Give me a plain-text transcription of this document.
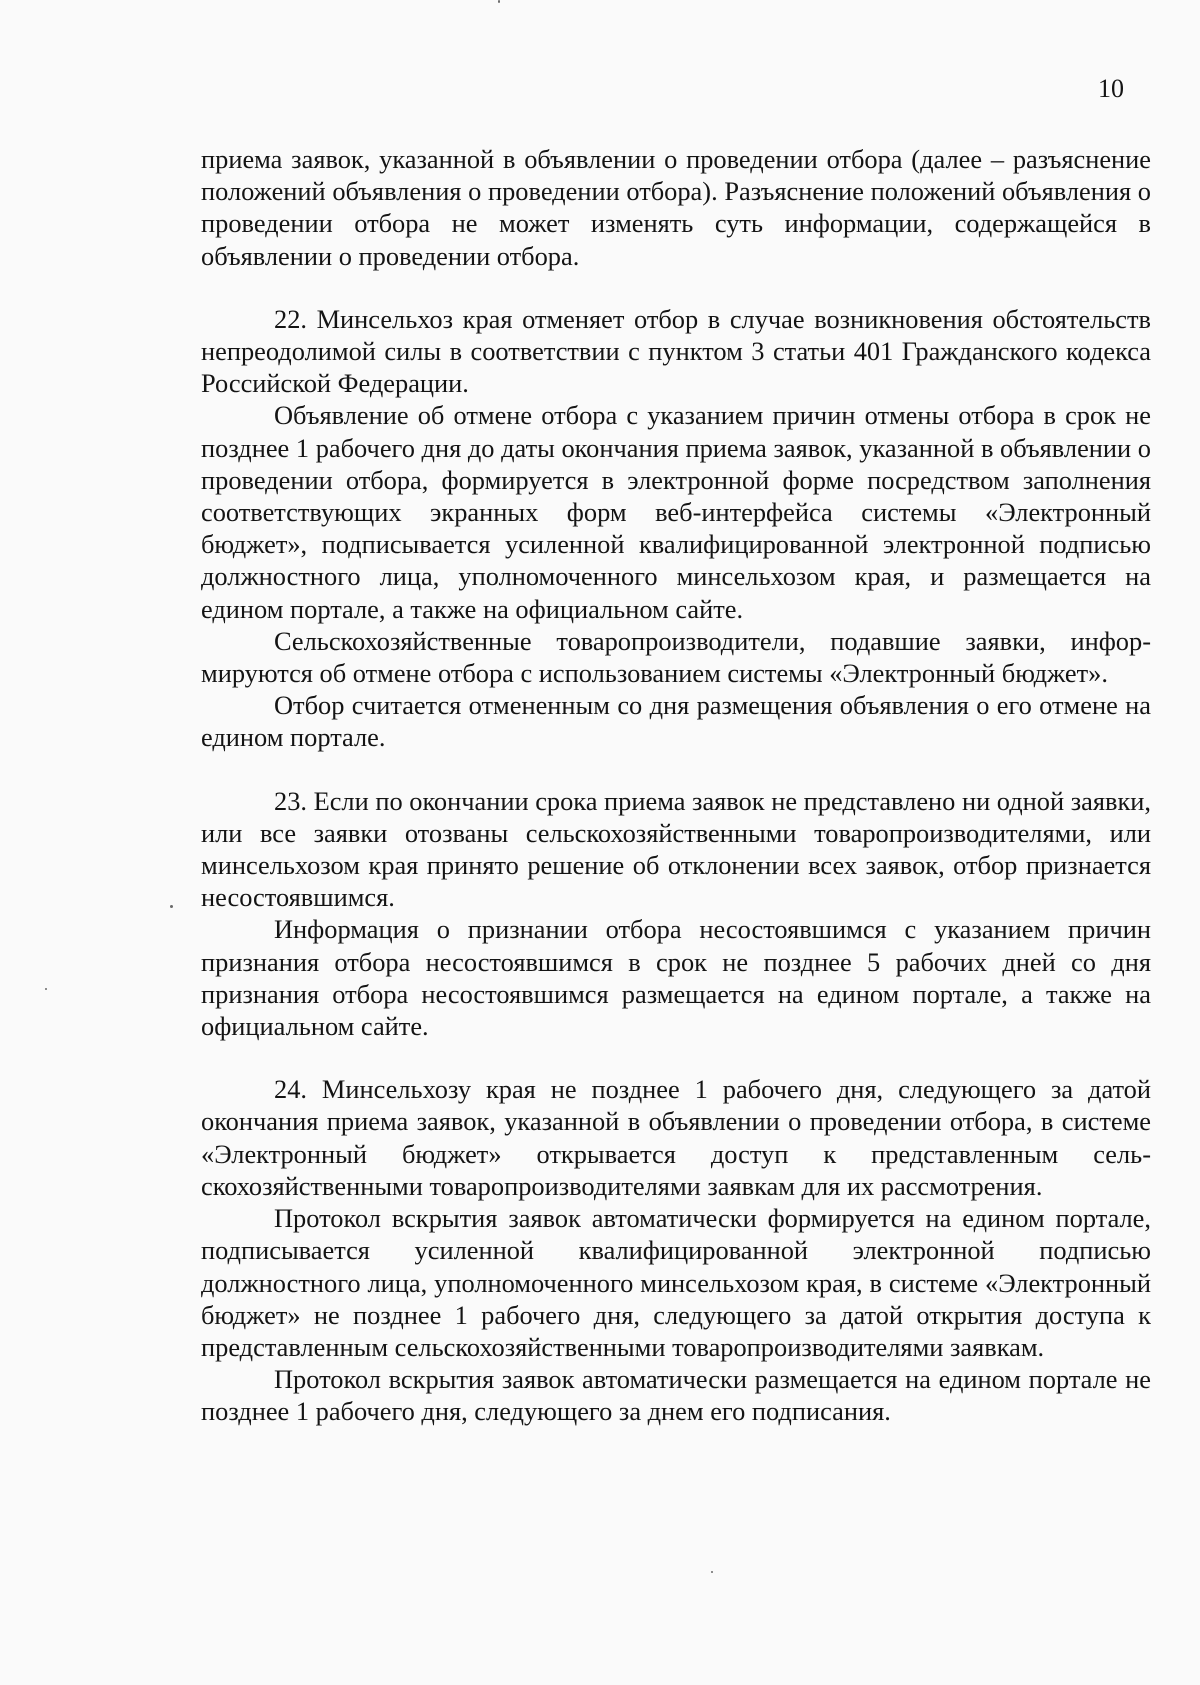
10

приема заявок, указанной в объявлении о проведении отбора (далее – разъяснение положений объявления о проведении отбора). Разъяснение положений объявления о проведении отбора не может изменять суть информации, содержащейся в объявлении о проведении отбора.

22. Минсельхоз края отменяет отбор в случае возникновения обстоятельств непреодолимой силы в соответствии с пунктом 3 статьи 401 Гражданского кодекса Российской Федерации.

Объявление об отмене отбора с указанием причин отмены отбора в срок не позднее 1 рабочего дня до даты окончания приема заявок, указанной в объявлении о проведении отбора, формируется в электронной форме посредством заполнения соответствующих экранных форм веб-интерфейса системы «Электронный бюджет», подписывается усиленной квалифицированной электронной подписью должностного лица, уполномоченного минсельхозом края, и размещается на едином портале, а также на официальном сайте.

Сельскохозяйственные товаропроизводители, подавшие заявки, информируются об отмене отбора с использованием системы «Электронный бюджет».

Отбор считается отмененным со дня размещения объявления о его отмене на едином портале.

23. Если по окончании срока приема заявок не представлено ни одной заявки, или все заявки отозваны сельскохозяйственными товаропроизводителями, или минсельхозом края принято решение об отклонении всех заявок, отбор признается несостоявшимся.

Информация о признании отбора несостоявшимся с указанием причин признания отбора несостоявшимся в срок не позднее 5 рабочих дней со дня признания отбора несостоявшимся размещается на едином портале, а также на официальном сайте.

24. Минсельхозу края не позднее 1 рабочего дня, следующего за датой окончания приема заявок, указанной в объявлении о проведении отбора, в системе «Электронный бюджет» открывается доступ к представленным сельскохозяйственными товаропроизводителями заявкам для их рассмотрения.

Протокол вскрытия заявок автоматически формируется на едином портале, подписывается усиленной квалифицированной электронной подписью должностного лица, уполномоченного минсельхозом края, в системе «Электронный бюджет» не позднее 1 рабочего дня, следующего за датой открытия доступа к представленным сельскохозяйственными товаропроизводителями заявкам.

Протокол вскрытия заявок автоматически размещается на едином портале не позднее 1 рабочего дня, следующего за днем его подписания.
